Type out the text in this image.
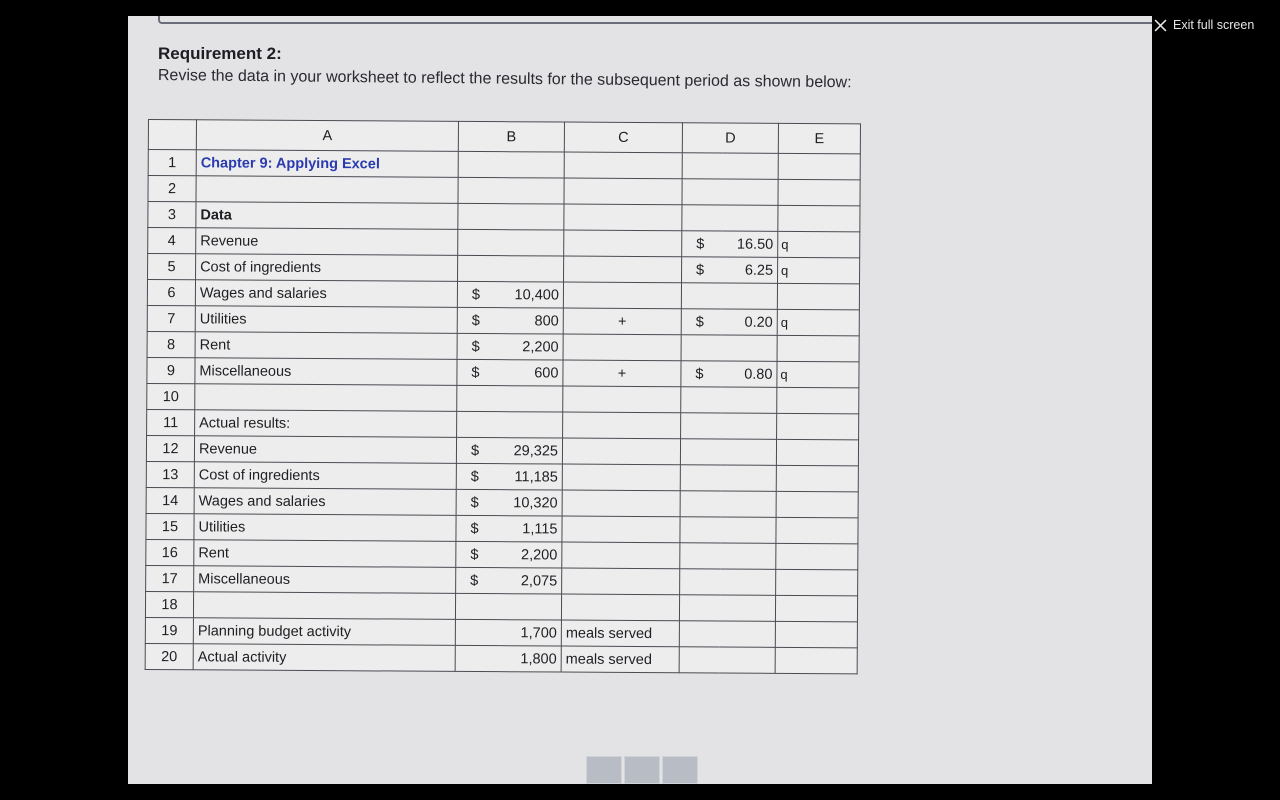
Requirement 2:
Revise the data in your worksheet to reflect the results for the subsequent period as shown below:
	A	B		C	D		E
1	Chapter 9: Applying Excel						
2							
3	Data						
4	Revenue				$	16.50	q
5	Cost of ingredients				$	6.25	q
6	Wages and salaries	$	10,400				
7	Utilities	$	800	+	$	0.20	q
8	Rent	$	2,200				
9	Miscellaneous	$	600	+	$	0.80	q
10							
11	Actual results:						
12	Revenue	$	29,325				
13	Cost of ingredients	$	11,185				
14	Wages and salaries	$	10,320				
15	Utilities	$	1,115				
16	Rent	$	2,200				
17	Miscellaneous	$	2,075				
18							
19	Planning budget activity		1,700	meals served			
20	Actual activity		1,800	meals served			
Exit full screen
